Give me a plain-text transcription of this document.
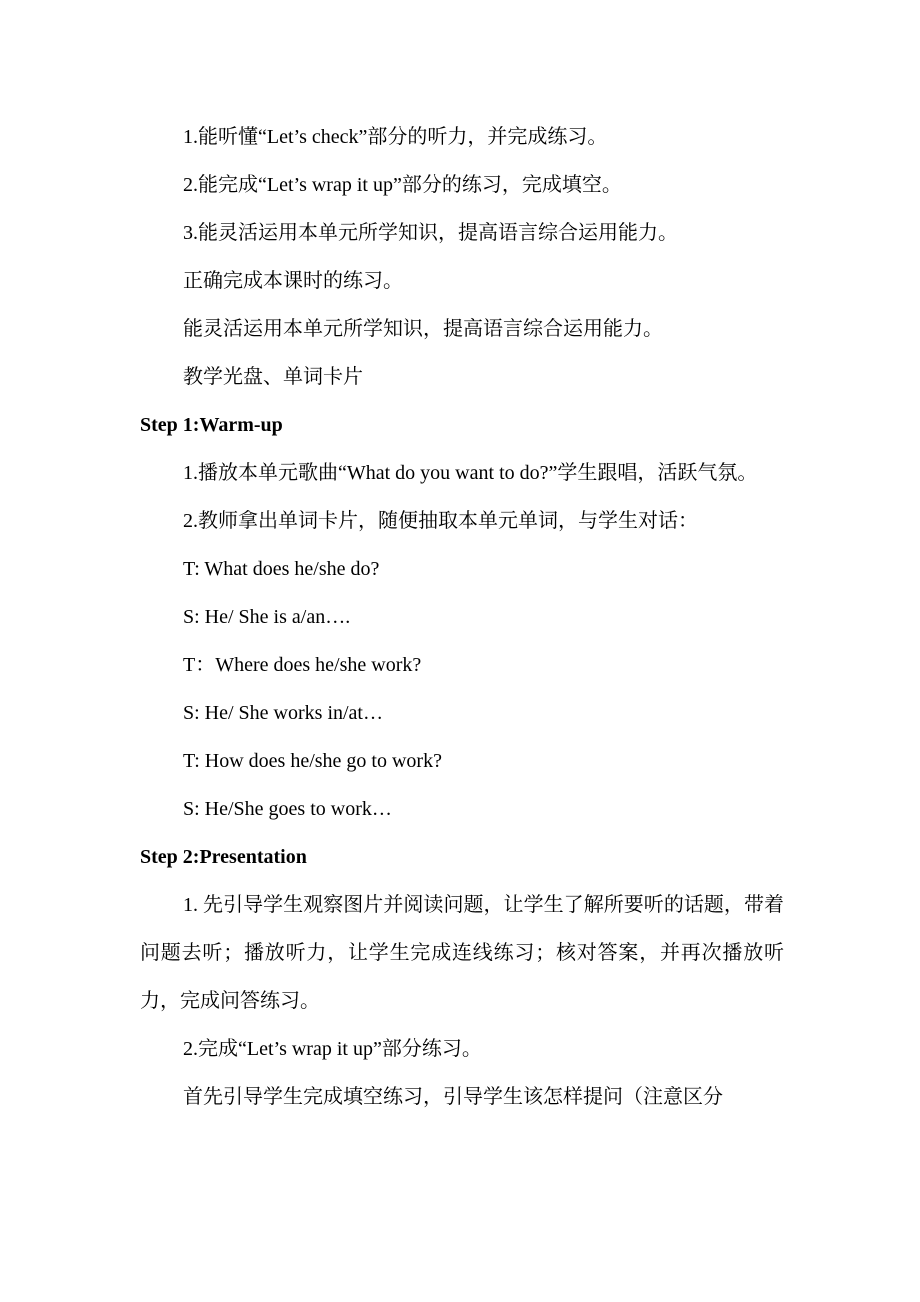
1.能听懂“Let’s check”部分的听力，并完成练习。

2.能完成“Let’s wrap it up”部分的练习，完成填空。

3.能灵活运用本单元所学知识，提高语言综合运用能力。

正确完成本课时的练习。

能灵活运用本单元所学知识，提高语言综合运用能力。

教学光盘、单词卡片

Step 1:Warm-up

1.播放本单元歌曲“What do you want to do?”学生跟唱，活跃气氛。

2.教师拿出单词卡片，随便抽取本单元单词，与学生对话：

T: What does he/she do?

S: He/ She is a/an….

T：Where does he/she work?

S: He/ She works in/at…

T: How does he/she go to work?

S: He/She goes to work…

Step 2:Presentation

1. 先引导学生观察图片并阅读问题，让学生了解所要听的话题，带着问题去听；播放听力，让学生完成连线练习；核对答案，并再次播放听力，完成问答练习。

2.完成“Let’s wrap it up”部分练习。

首先引导学生完成填空练习，引导学生该怎样提问（注意区分
